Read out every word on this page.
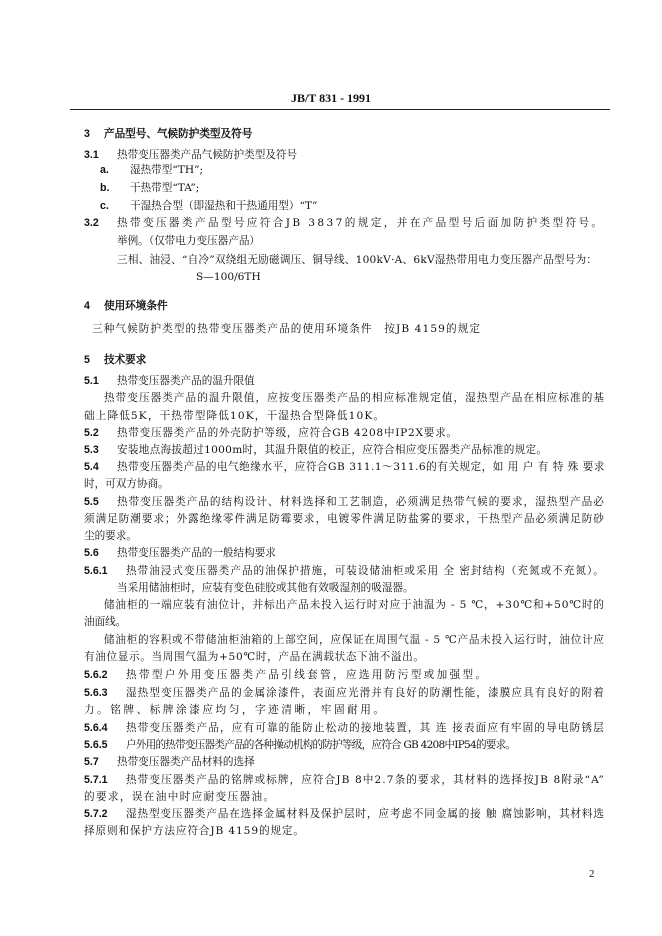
JB/T 831 - 1991
3 产品型号、气候防护类型及符号
3.1 热带变压器类产品气候防护类型及符号
a. 湿热带型“TH”;
b. 干热带型“TA”;
c. 干湿热合型（即湿热和干热通用型）“T”
3.2 热带变压器类产品型号应符合JB 3837的规定，并在产品型号后面加防护类型符号。
举例。（仅带电力变压器产品）
三相、油浸、“自冷”双绕组无励磁调压、铜导线、100kV·A、6kV湿热带用电力变压器产品型号为：
S—100/6TH
4 使用环境条件
三种气候防护类型的热带变压器类产品的使用环境条件　按JB 4159的规定
5 技术要求
5.1 热带变压器类产品的温升限值
热带变压器类产品的温升限值，应按变压器类产品的相应标准规定值，湿热型产品在相应标准的基
础上降低5K，干热带型降低10K，干湿热合型降低10K。
5.2 热带变压器类产品的外壳防护等级，应符合GB 4208中IP2X要求。
5.3 安装地点海拔超过1000m时，其温升限值的校正，应符合相应变压器类产品标准的规定。
5.4 热带变压器类产品的电气绝缘水平，应符合GB 311.1～311.6的有关规定，如 用 户 有 特 殊 要求
时，可双方协商。
5.5 热带变压器类产品的结构设计、材料选择和工艺制造，必须满足热带气候的要求，湿热型产品必
须满足防潮要求；外露绝缘零件满足防霉要求，电镀零件满足防盐雾的要求，干热型产品必须满足防砂
尘的要求。
5.6 热带变压器类产品的一般结构要求
5.6.1 热带油浸式变压器类产品的油保护措施，可装设储油柜或采用 全 密封结构（充氮或不充氮）。
当采用储油柜时，应装有变色硅胶或其他有效吸湿剂的吸湿器。
储油柜的一端应装有油位计，并标出产品未投入运行时对应于油温为 - 5 ℃，+30℃和+50℃时的
油面线。
储油柜的容积或不带储油柜油箱的上部空间，应保证在周围气温 - 5 ℃产品未投入运行时，油位计应
有油位显示。当周围气温为+50℃时，产品在满载状态下油不溢出。
5.6.2 热带型户外用变压器类产品引线套管，应选用防污型或加强型。
5.6.3 湿热型变压器类产品的金属涂漆件，表面应光滑并有良好的防潮性能，漆膜应具有良好的附着
力。铭牌、标牌涂漆应均匀，字迹清晰，牢固耐用。
5.6.4 热带变压器类产品，应有可靠的能防止松动的接地装置，其 连 接表面应有牢固的导电防锈层
5.6.5 户外用的热带变压器类产品的各种操动机构的防护等级，应符合 GB 4208中IP54的要求。
5.7 热带变压器类产品材料的选择
5.7.1 热带变压器类产品的铭牌或标牌，应符合JB 8中2.7条的要求，其材料的选择按JB 8附录“A”
的要求，误在油中时应耐变压器油。
5.7.2 湿热型变压器类产品在选择金属材料及保护层时，应考虑不同金属的接 触 腐蚀影响，其材料选
择原则和保护方法应符合JB 4159的规定。
2
